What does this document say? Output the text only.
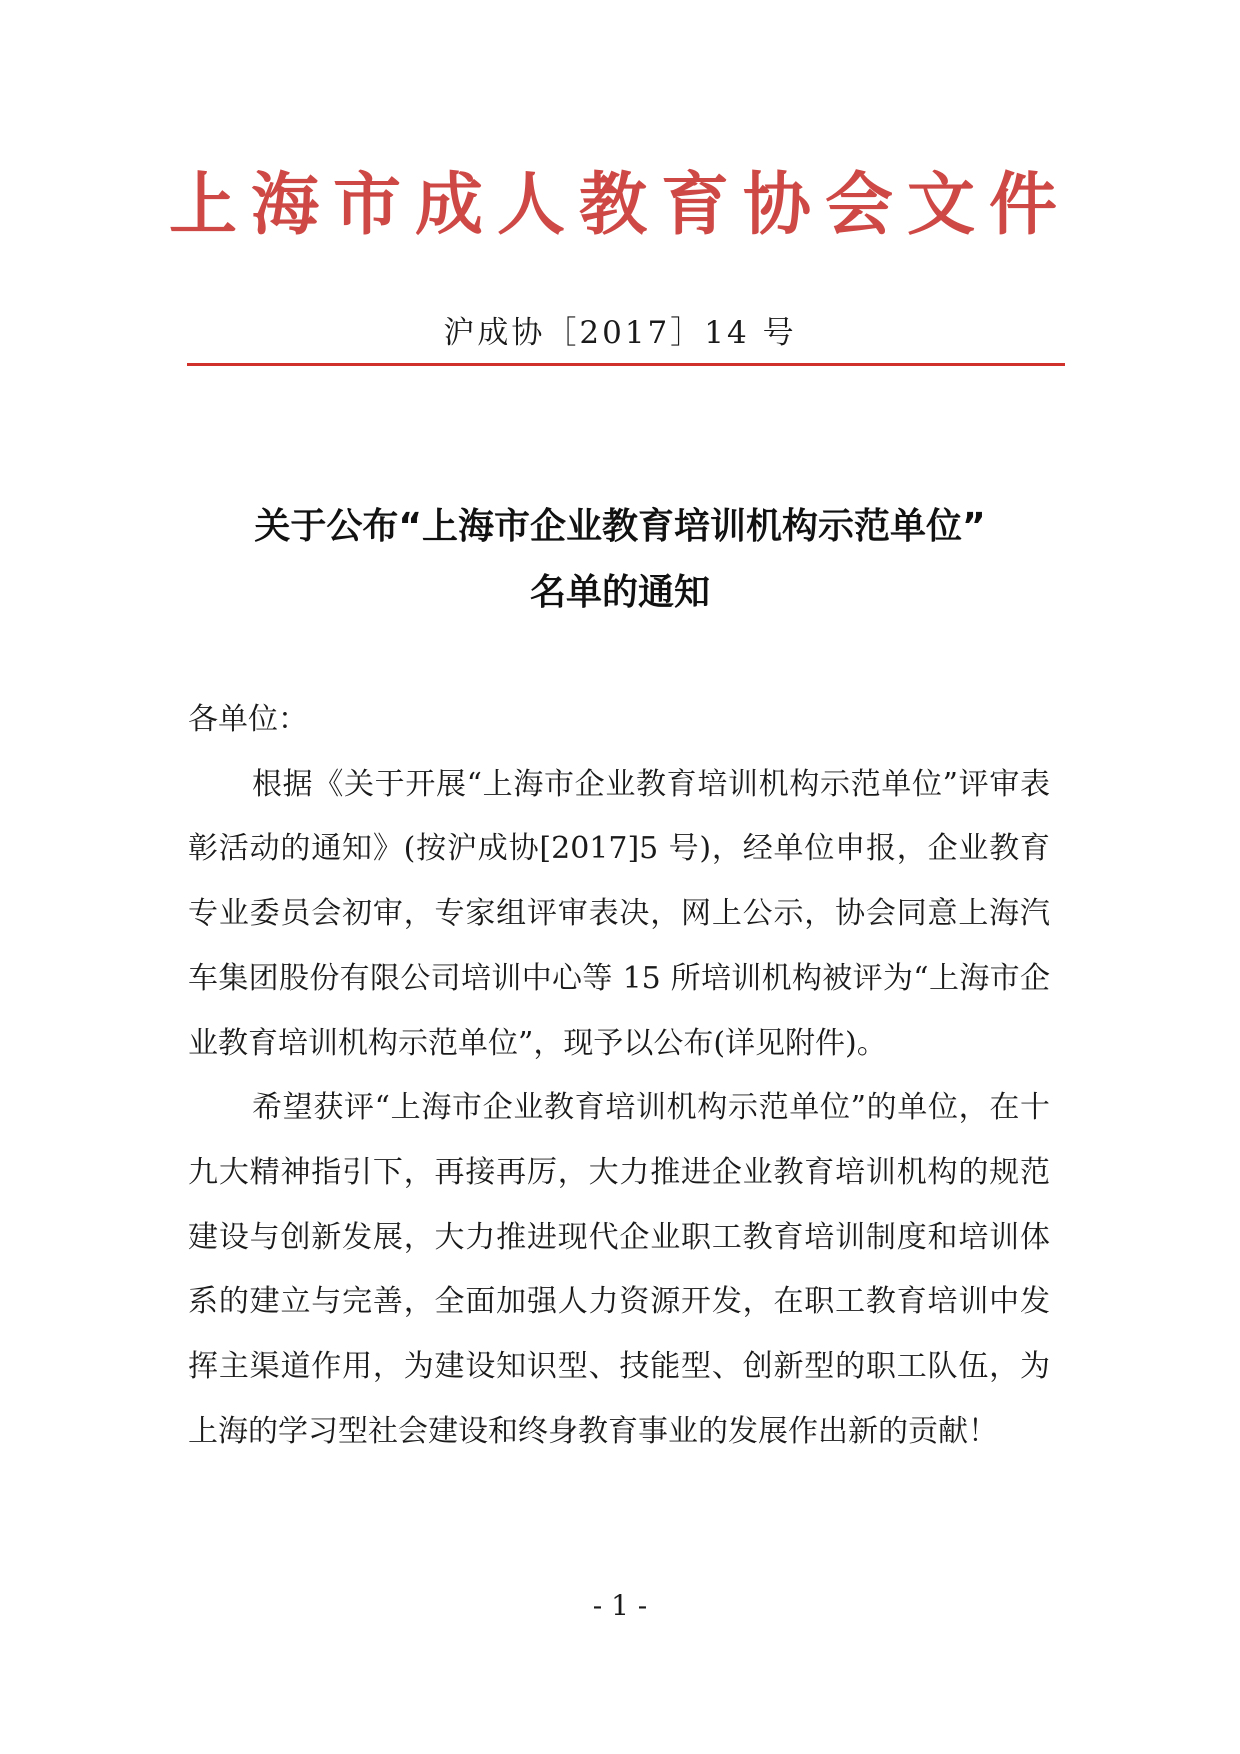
上海市成人教育协会文件
沪成协［2017］14 号
关于公布“上海市企业教育培训机构示范单位”
名单的通知

各单位：

根据《关于开展“上海市企业教育培训机构示范单位”评审表彰活动的通知》(按沪成协[2017]5 号)，经单位申报，企业教育专业委员会初审，专家组评审表决，网上公示，协会同意上海汽车集团股份有限公司培训中心等 15 所培训机构被评为“上海市企业教育培训机构示范单位”，现予以公布(详见附件)。

希望获评“上海市企业教育培训机构示范单位”的单位，在十九大精神指引下，再接再厉，大力推进企业教育培训机构的规范建设与创新发展，大力推进现代企业职工教育培训制度和培训体系的建立与完善，全面加强人力资源开发，在职工教育培训中发挥主渠道作用，为建设知识型、技能型、创新型的职工队伍，为上海的学习型社会建设和终身教育事业的发展作出新的贡献！

- 1 -
